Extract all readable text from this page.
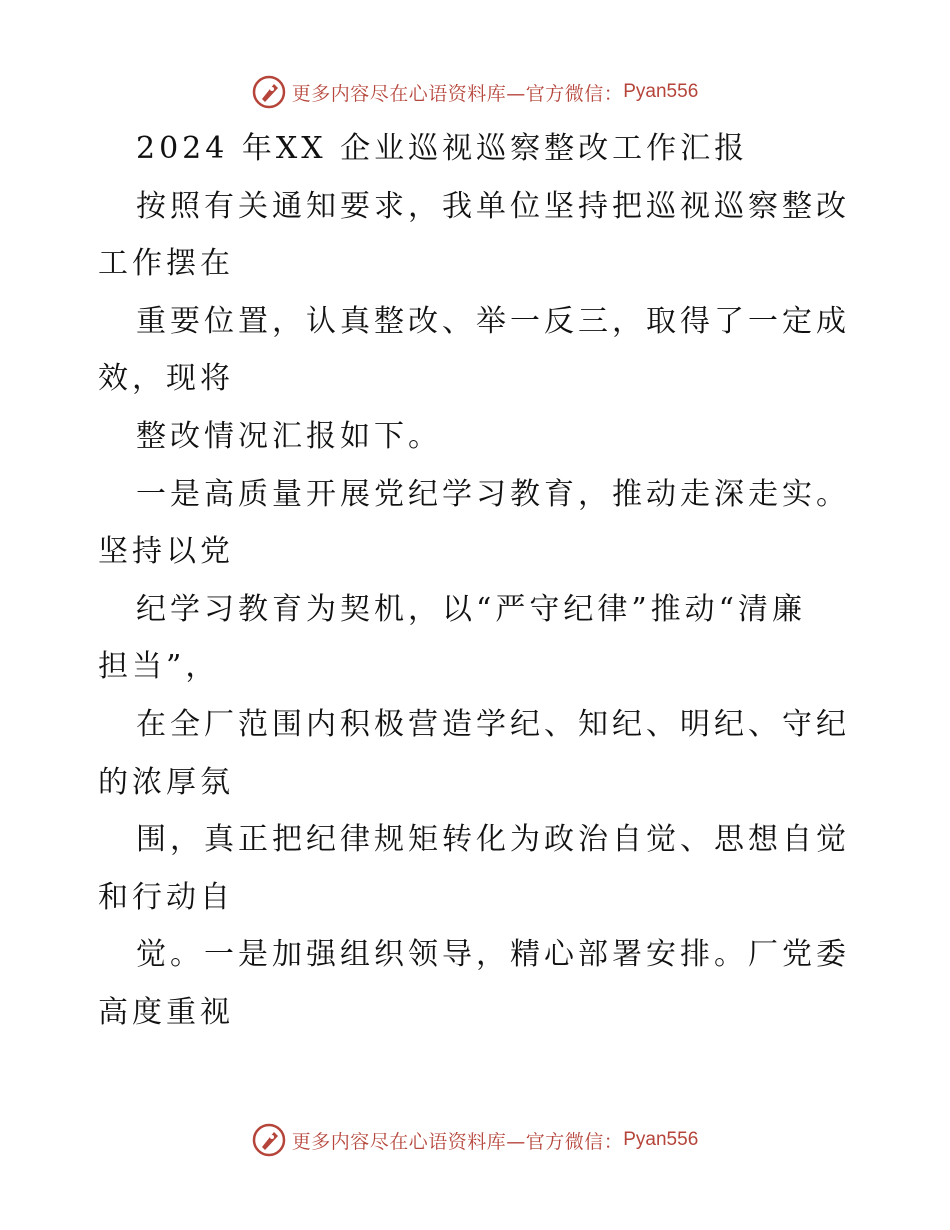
更多内容尽在心语资料库—官方微信： Pyan556
2024 年XX 企业巡视巡察整改工作汇报
按照有关通知要求，我单位坚持把巡视巡察整改
工作摆在
重要位置，认真整改、举一反三，取得了一定成
效，现将
整改情况汇报如下。
一是高质量开展党纪学习教育，推动走深走实。
坚持以党
纪学习教育为契机，以“严守纪律”推动“清廉
担当”，
在全厂范围内积极营造学纪、知纪、明纪、守纪
的浓厚氛
围，真正把纪律规矩转化为政治自觉、思想自觉
和行动自
觉。一是加强组织领导，精心部署安排。厂党委
高度重视
更多内容尽在心语资料库—官方微信： Pyan556
